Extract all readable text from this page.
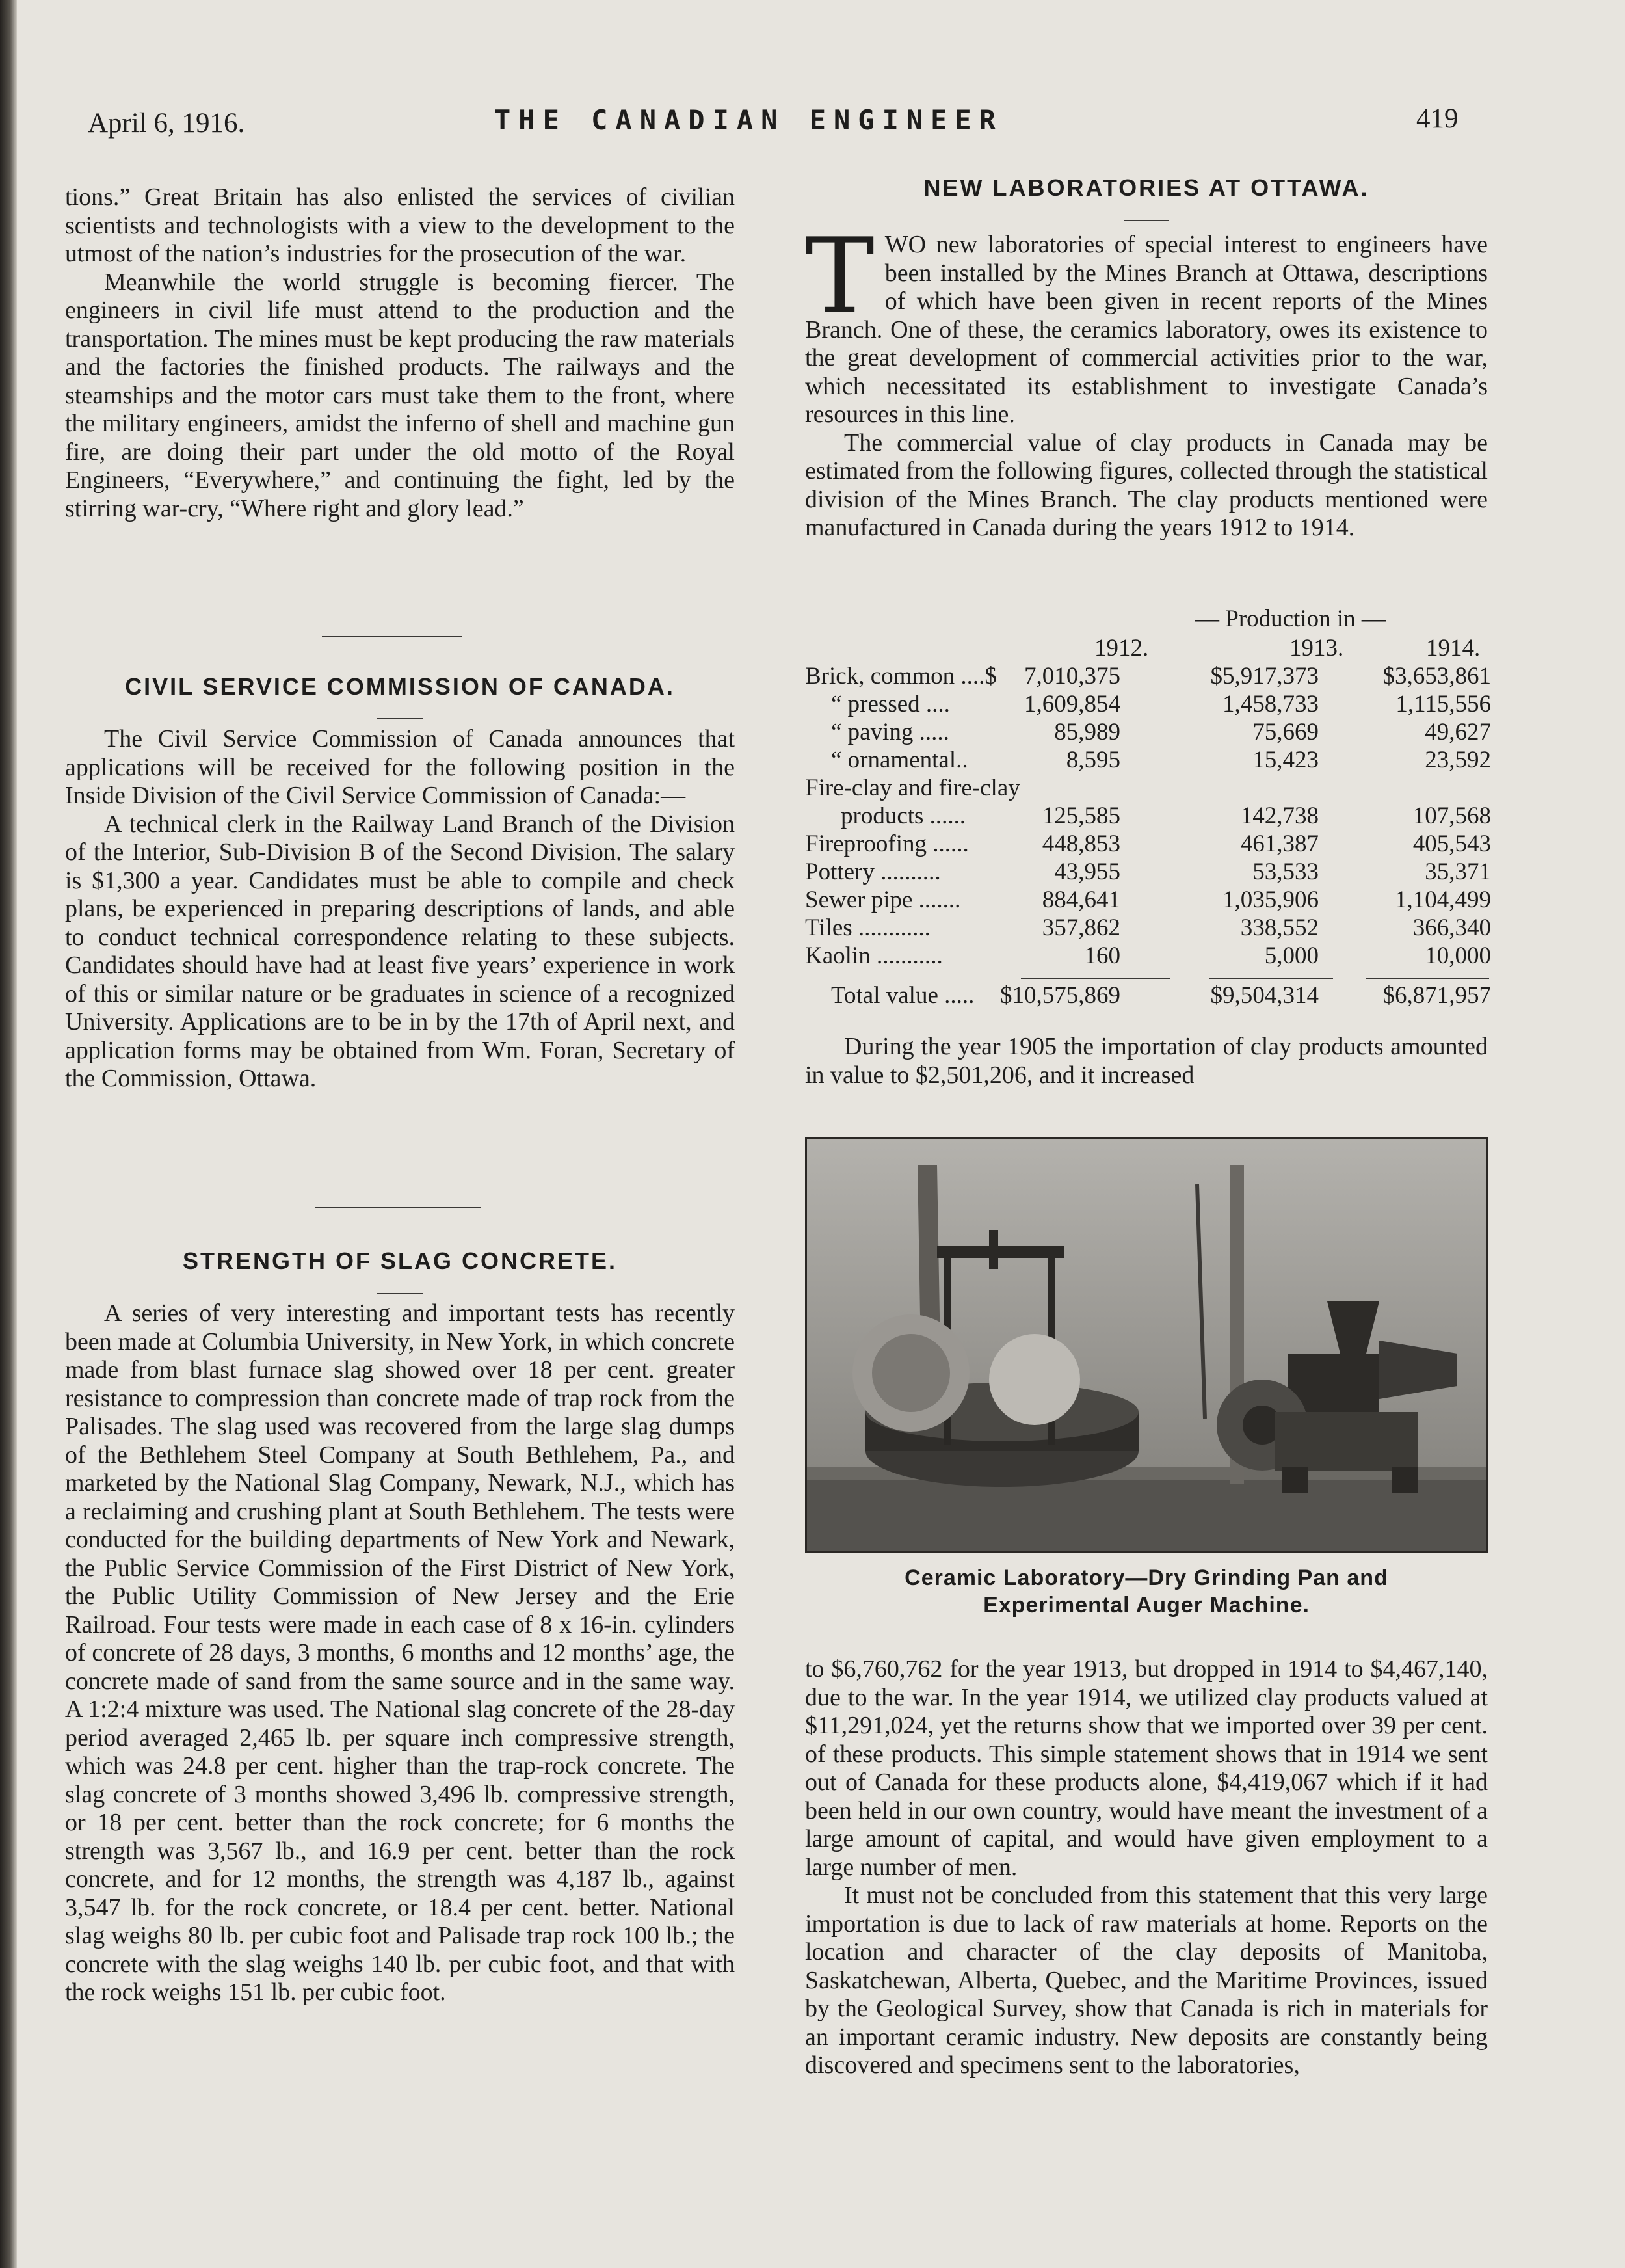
April 6, 1916.	THE CANADIAN ENGINEER	419

tions.” Great Britain has also enlisted the services of civilian scientists and technologists with a view to the development to the utmost of the nation’s industries for the prosecution of the war.

Meanwhile the world struggle is becoming fiercer. The engineers in civil life must attend to the production and the transportation. The mines must be kept producing the raw materials and the factories the finished products. The railways and the steamships and the motor cars must take them to the front, where the military engineers, amidst the inferno of shell and machine gun fire, are doing their part under the old motto of the Royal Engineers, “Everywhere,” and continuing the fight, led by the stirring war-cry, “Where right and glory lead.”

CIVIL SERVICE COMMISSION OF CANADA.

The Civil Service Commission of Canada announces that applications will be received for the following position in the Inside Division of the Civil Service Commission of Canada:—

A technical clerk in the Railway Land Branch of the Division of the Interior, Sub-Division B of the Second Division. The salary is $1,300 a year. Candidates must be able to compile and check plans, be experienced in preparing descriptions of lands, and able to conduct technical correspondence relating to these subjects. Candidates should have had at least five years’ experience in work of this or similar nature or be graduates in science of a recognized University. Applications are to be in by the 17th of April next, and application forms may be obtained from Wm. Foran, Secretary of the Commission, Ottawa.

STRENGTH OF SLAG CONCRETE.

A series of very interesting and important tests has recently been made at Columbia University, in New York, in which concrete made from blast furnace slag showed over 18 per cent. greater resistance to compression than concrete made of trap rock from the Palisades. The slag used was recovered from the large slag dumps of the Bethlehem Steel Company at South Bethlehem, Pa., and marketed by the National Slag Company, Newark, N.J., which has a reclaiming and crushing plant at South Bethlehem. The tests were conducted for the building departments of New York and Newark, the Public Service Commission of the First District of New York, the Public Utility Commission of New Jersey and the Erie Railroad. Four tests were made in each case of 8 x 16-in. cylinders of concrete of 28 days, 3 months, 6 months and 12 months’ age, the concrete made of sand from the same source and in the same way. A 1:2:4 mixture was used. The National slag concrete of the 28-day period averaged 2,465 lb. per square inch compressive strength, which was 24.8 per cent. higher than the trap-rock concrete. The slag concrete of 3 months showed 3,496 lb. compressive strength, or 18 per cent. better than the rock concrete; for 6 months the strength was 3,567 lb., and 16.9 per cent. better than the rock concrete, and for 12 months, the strength was 4,187 lb., against 3,547 lb. for the rock concrete, or 18.4 per cent. better. National slag weighs 80 lb. per cubic foot and Palisade trap rock 100 lb.; the concrete with the slag weighs 140 lb. per cubic foot, and that with the rock weighs 151 lb. per cubic foot.

NEW LABORATORIES AT OTTAWA.

TWO new laboratories of special interest to engineers have been installed by the Mines Branch at Ottawa, descriptions of which have been given in recent reports of the Mines Branch. One of these, the ceramics laboratory, owes its existence to the great development of commercial activities prior to the war, which necessitated its establishment to investigate Canada’s resources in this line.

The commercial value of clay products in Canada may be estimated from the following figures, collected through the statistical division of the Mines Branch. The clay products mentioned were manufactured in Canada during the years 1912 to 1914.

— Production in —
1912.	1913.	1914.
Brick, common ....$ 7,010,375	$5,917,373	$3,653,861
“ pressed ....	1,609,854	1,458,733	1,115,556
“ paving .....	85,989	75,669	49,627
“ ornamental..	8,595	15,423	23,592
Fire-clay and fire-clay
products ......	125,585	142,738	107,568
Fireproofing ......	448,853	461,387	405,543
Pottery ..........	43,955	53,533	35,371
Sewer pipe .......	884,641	1,035,906	1,104,499
Tiles ............	357,862	338,552	366,340
Kaolin ...........	160	5,000	10,000
Total value ..... $10,575,869	$9,504,314	$6,871,957

During the year 1905 the importation of clay products amounted in value to $2,501,206, and it increased

Ceramic Laboratory—Dry Grinding Pan and
Experimental Auger Machine.

to $6,760,762 for the year 1913, but dropped in 1914 to $4,467,140, due to the war. In the year 1914, we utilized clay products valued at $11,291,024, yet the returns show that we imported over 39 per cent. of these products. This simple statement shows that in 1914 we sent out of Canada for these products alone, $4,419,067 which if it had been held in our own country, would have meant the investment of a large amount of capital, and would have given employment to a large number of men.

It must not be concluded from this statement that this very large importation is due to lack of raw materials at home. Reports on the location and character of the clay deposits of Manitoba, Saskatchewan, Alberta, Quebec, and the Maritime Provinces, issued by the Geological Survey, show that Canada is rich in materials for an important ceramic industry. New deposits are constantly being discovered and specimens sent to the laboratories,
